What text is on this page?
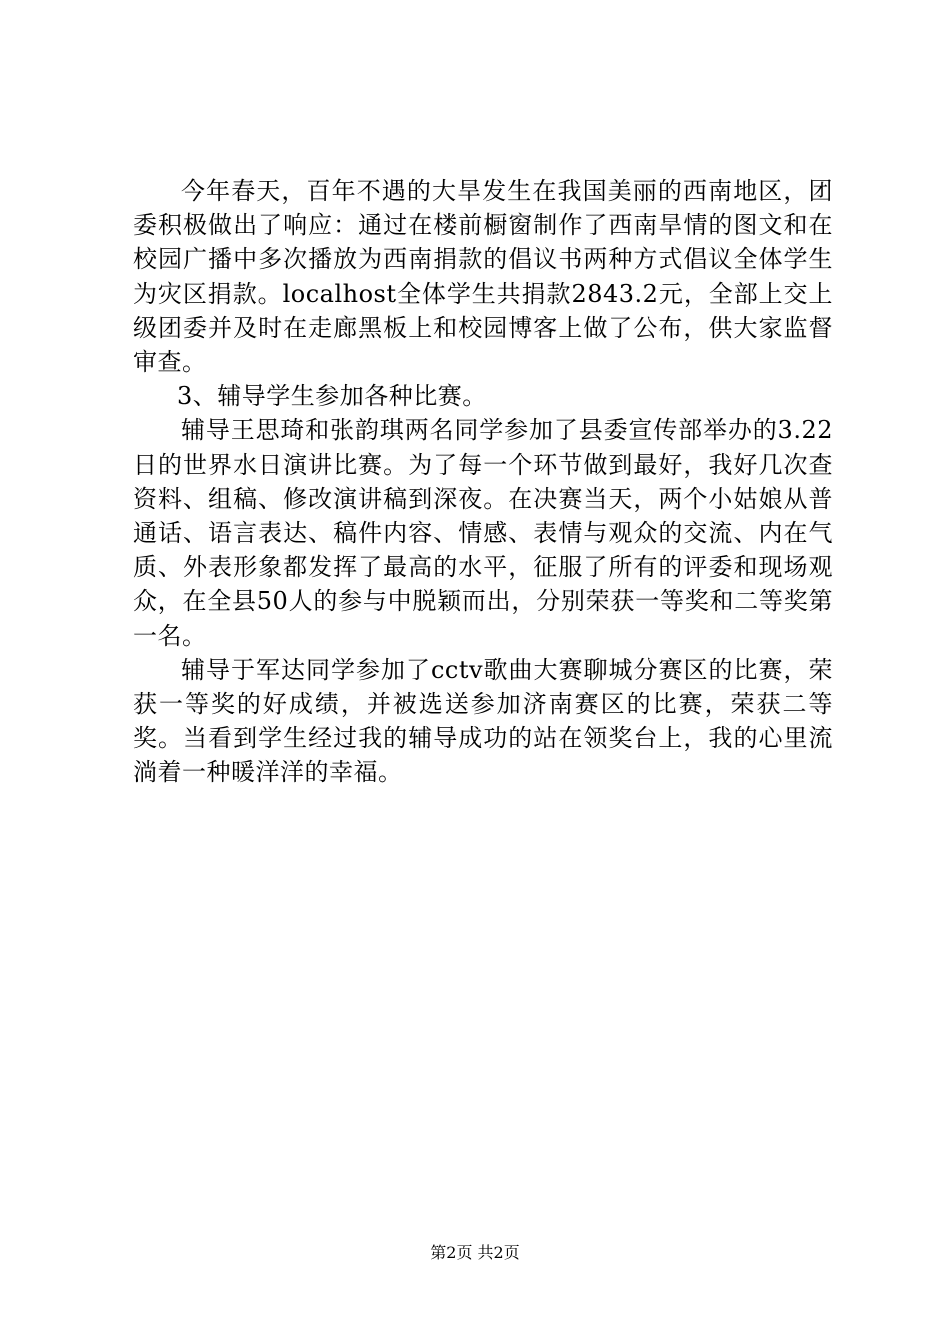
今年春天，百年不遇的大旱发生在我国美丽的西南地区，团委积极做出了响应：通过在楼前橱窗制作了西南旱情的图文和在校园广播中多次播放为西南捐款的倡议书两种方式倡议全体学生为灾区捐款。localhost全体学生共捐款2843.2元，全部上交上级团委并及时在走廊黑板上和校园博客上做了公布，供大家监督审查。

3、辅导学生参加各种比赛。

辅导王思琦和张韵琪两名同学参加了县委宣传部举办的3.22日的世界水日演讲比赛。为了每一个环节做到最好，我好几次查资料、组稿、修改演讲稿到深夜。在决赛当天，两个小姑娘从普通话、语言表达、稿件内容、情感、表情与观众的交流、内在气质、外表形象都发挥了最高的水平，征服了所有的评委和现场观众，在全县50人的参与中脱颖而出，分别荣获一等奖和二等奖第一名。

辅导于军达同学参加了cctv歌曲大赛聊城分赛区的比赛，荣获一等奖的好成绩，并被选送参加济南赛区的比赛，荣获二等奖。当看到学生经过我的辅导成功的站在领奖台上，我的心里流淌着一种暖洋洋的幸福。

第2页 共2页
